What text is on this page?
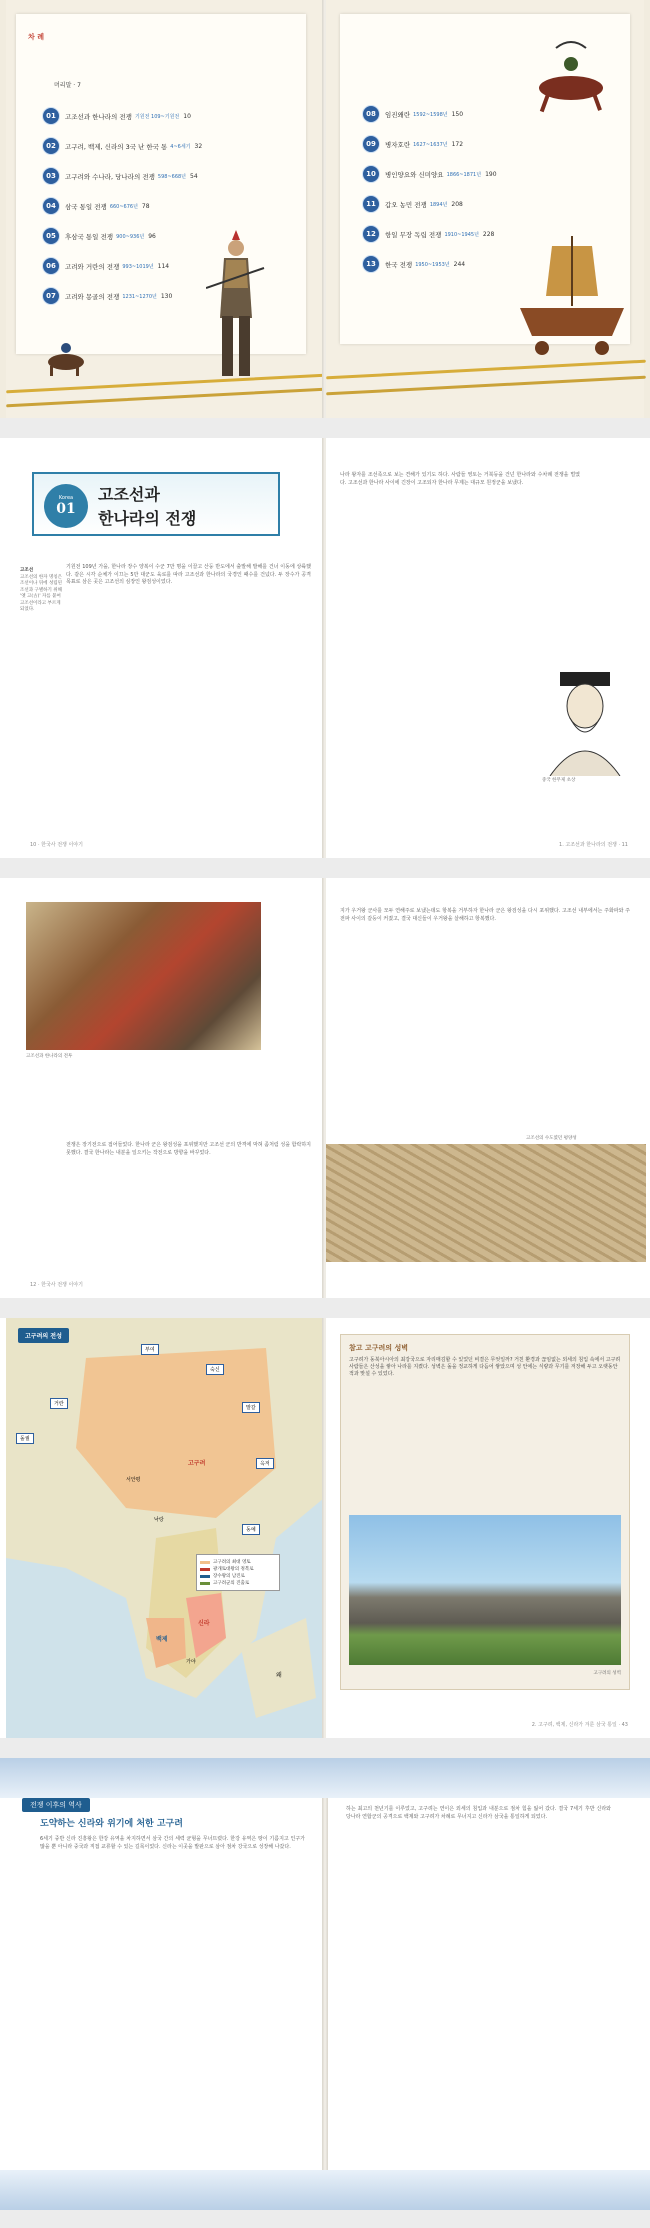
차 례
머리말 · 7
01	고조선과 한나라의 전쟁 기원전 109~기원전 10
02	고구려, 백제, 신라의 3국 난 한국 통 4~6세기 32
03	고구려와 수나라, 당나라의 전쟁 598~668년 54
04	삼국 통일 전쟁 660~676년 78
05	후삼국 통일 전쟁 900~936년 96
06	고려와 거란의 전쟁 993~1019년 114
07	고려와 몽골의 전쟁 1231~1270년 130
08	임진왜란 1592~1598년 150
09	병자호란 1627~1637년 172
10	병인양요와 신미양요 1866~1871년 190
11	갑오 농민 전쟁 1894년 208
12	항일 무장 독립 전쟁 1910~1945년 228
13	한국 전쟁 1950~1953년 244
Korea
01
고조선과
한나라의 전쟁
고조선
고조선의 한자 명칭은 조선이나 뒤에 성립된 조선과 구별하기 위해 '옛 고(古)' 자를 붙여 고조선이라고 부르게 되었다.

기원전 109년 가을, 한나라 장수 양복이 수군 7만 명을 이끌고 산둥 반도에서 출발해 발해를 건너 이동에 상륙했다. 같은 시각 순체가 이끄는 5만 대군도 육로를 따라 고조선과 한나라의 국경인 패수를 건넜다. 두 장수가 공격 목표로 삼은 곳은 고조선의 심장인 왕검성이었다.

10 · 한국사 전쟁 이야기

나라 왕자를 조선족으로 보는 견해가 있기도 하다. 사람들 영토는 거북등을 건넌 한나라와 수차례 전쟁을 벌였다. 고조선과 한나라 사이에 긴장이 고조되자 한나라 무제는 대규모 원정군을 보냈다.

중국 한무제 초상
1. 고조선과 한나라의 전쟁 · 11
고조선과 한나라의 전투

전쟁은 장기전으로 접어들었다. 한나라 군은 왕검성을 포위했지만 고조선 군의 반격에 막혀 좀처럼 성을 함락하지 못했다. 결국 한나라는 내분을 일으키는 작전으로 방향을 바꾸었다.

12 · 한국사 전쟁 이야기

지가 우거왕 군사를 모두 연해주로 보냈는데도 항복을 거부하자 한나라 군은 왕검성을 다시 포위했다. 고조선 내부에서는 주화파와 주전파 사이의 갈등이 커졌고, 결국 대신들이 우거왕을 살해하고 항복했다.

고조선의 수도였던 평양성
고구려의 전성
부여
숙신
거란
돌궐
말갈
고구려	옥저
동예
서안평
낙랑
백제
신라
가야
왜
고구려의 최대 영토
광개토대왕의 정복로
장수왕의 남진로
고구려군의 진출로
참고 고구려의 성벽

고구려가 동북아시아의 최강국으로 자리매김할 수 있었던 비결은 무엇일까? 거친 환경과 끊임없는 외세의 침입 속에서 고구려 사람들은 산성을 쌓아 나라를 지켰다. 성벽은 돌을 정교하게 다듬어 쌓았으며 성 안에는 식량과 무기를 저장해 두고 오랫동안 적과 맞설 수 있었다.

고구려의 성벽
2. 고구려, 백제, 신라가 겨룬 삼국 통일 · 43
전쟁 이후의 역사
도약하는 신라와 위기에 처한 고구려

6세기 중반 신라 진흥왕은 한강 유역을 차지하면서 삼국 간의 세력 균형을 무너뜨렸다. 한강 유역은 땅이 기름지고 인구가 많을 뿐 아니라 중국과 직접 교류할 수 있는 길목이었다. 신라는 이곳을 발판으로 삼아 점차 강국으로 성장해 나갔다.

하는 최고의 천년기를 이루었고, 고구려는 연이은 외세의 침입과 내분으로 점차 힘을 잃어 갔다. 결국 7세기 후반 신라와 당나라 연합군의 공격으로 백제와 고구려가 차례로 무너지고 신라가 삼국을 통일하게 되었다.
